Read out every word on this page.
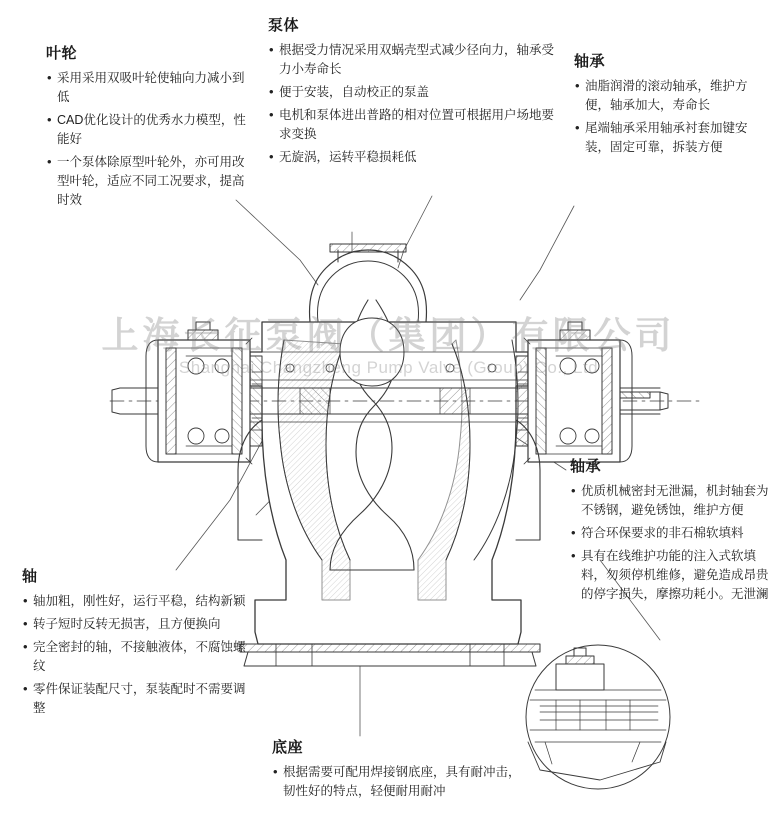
上海长征泵阀（集团）有限公司
Shanghai Changzheng Pump Valve (Group) Co., Ltd
叶轮
• 采用采用双吸叶轮使轴向力减小到低
• CAD优化设计的优秀水力模型，性能好
• 一个泵体除原型叶轮外，亦可用改型叶轮，适应不同工况要求，提高时效
泵体
• 根据受力情况采用双蜗壳型式减少径向力，轴承受力小寿命长
• 便于安装，自动校正的泵盖
• 电机和泵体进出普路的相对位置可根据用户场地要求变换
• 无旋涡，运转平稳损耗低
轴承
• 油脂润滑的滚动轴承，维护方便，轴承加大，寿命长
• 尾端轴承采用轴承衬套加键安装，固定可靠，拆装方便
轴承
• 优质机械密封无泄漏，机封轴套为不锈钢，避免锈蚀，维护方便
• 符合环保要求的非石棉软填料
• 具有在线维护功能的注入式软填料，勿须停机维修，避免造成昂贵的停字损失，摩擦功耗小。无泄澜
轴
• 轴加粗，刚性好，运行平稳，结构新颖
• 转子短时反转无损害，且方便换向
• 完全密封的轴，不接触液体，不腐蚀螺纹
• 零件保证装配尺寸，泵装配时不需要调整
底座
• 根据需要可配用焊接钢底座，具有耐冲击，韧性好的特点，轻便耐用耐冲
